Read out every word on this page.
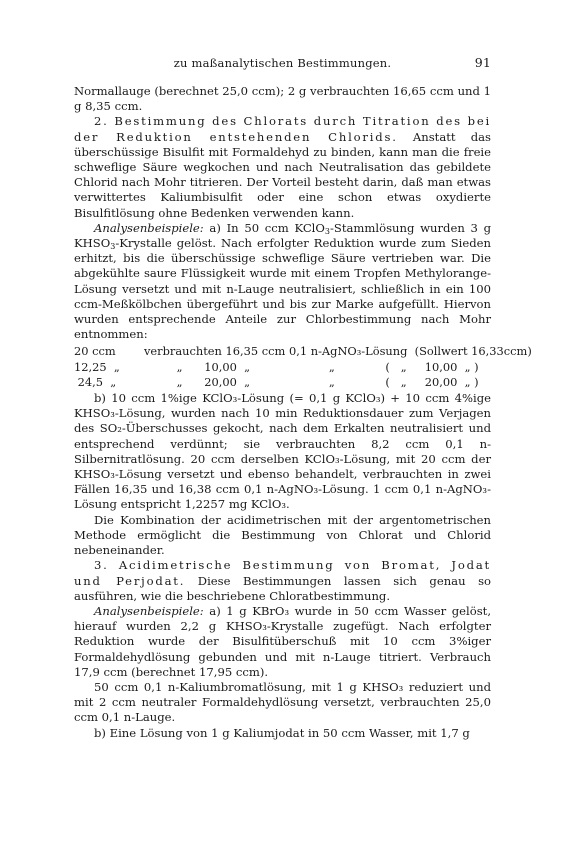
zu maßanalytischen Bestimmungen.	91

Normallauge (berechnet 25,0 ccm); 2 g verbrauchten 16,65 ccm und 1 g 8,35 ccm.

2. Bestimmung des Chlorats durch Titration des bei der Reduktion entstehenden Chlorids. Anstatt das überschüssige Bisulfit mit Formaldehyd zu binden, kann man die freie schweflige Säure wegkochen und nach Neutralisation das gebildete Chlorid nach Mohr titrieren. Der Vorteil besteht darin, daß man etwas verwittertes Kaliumbisulfit oder eine schon etwas oxydierte Bisulfitlösung ohne Bedenken verwenden kann.

Analysenbeispiele: a) In 50 ccm KClO$_3$-Stammlösung wurden 3 g $KHSO_3$-Krystalle gelöst. Nach erfolgter Reduktion wurde zum Sieden erhitzt, bis die überschüssige schweflige Säure vertrieben war. Die abgekühlte saure Flüssigkeit wurde mit einem Tropfen Methylorange-Lösung versetzt und mit n-Lauge neutralisiert, schließlich in ein 100 ccm-Meßkölbchen übergeführt und bis zur Marke aufgefüllt. Hiervon wurden entsprechende Anteile zur Chlorbestimmung nach Mohr entnommen:

20 ccm	verbrauchten 16,35 ccm 0,1 n-AgNO₃-Lösung  (Sollwert 16,33ccm)
12,25  „	„      10,00  „	„              (   „     10,00  „ )
24,5  „	„      20,00  „	„              (   „     20,00  „ )

b) 10 ccm 1%ige KClO₃-Lösung (= 0,1 g KClO₃) + 10 ccm 4%ige KHSO₃-Lösung, wurden nach 10 min Reduktionsdauer zum Verjagen des SO₂-Überschusses gekocht, nach dem Erkalten neutralisiert und entsprechend verdünnt; sie verbrauchten 8,2 ccm 0,1 n-Silbernitratlösung. 20 ccm derselben KClO₃-Lösung, mit 20 ccm der KHSO₃-Lösung versetzt und ebenso behandelt, verbrauchten in zwei Fällen 16,35 und 16,38 ccm 0,1 n-AgNO₃-Lösung. 1 ccm 0,1 n-AgNO₃-Lösung entspricht 1,2257 mg KClO₃.

Die Kombination der acidimetrischen mit der argentometrischen Methode ermöglicht die Bestimmung von Chlorat und Chlorid nebeneinander.

3. Acidimetrische Bestimmung von Bromat, Jodat und Perjodat. Diese Bestimmungen lassen sich genau so ausführen, wie die beschriebene Chloratbestimmung.

Analysenbeispiele: a) 1 g KBrO₃ wurde in 50 ccm Wasser gelöst, hierauf wurden 2,2 g KHSO₃-Krystalle zugefügt. Nach erfolgter Reduktion wurde der Bisulfitüberschuß mit 10 ccm 3%iger Formaldehydlösung gebunden und mit n-Lauge titriert. Verbrauch 17,9 ccm (berechnet 17,95 ccm).

50 ccm 0,1 n-Kaliumbromatlösung, mit 1 g KHSO₃ reduziert und mit 2 ccm neutraler Formaldehydlösung versetzt, verbrauchten 25,0 ccm 0,1 n-Lauge.

b) Eine Lösung von 1 g Kaliumjodat in 50 ccm Wasser, mit 1,7 g
